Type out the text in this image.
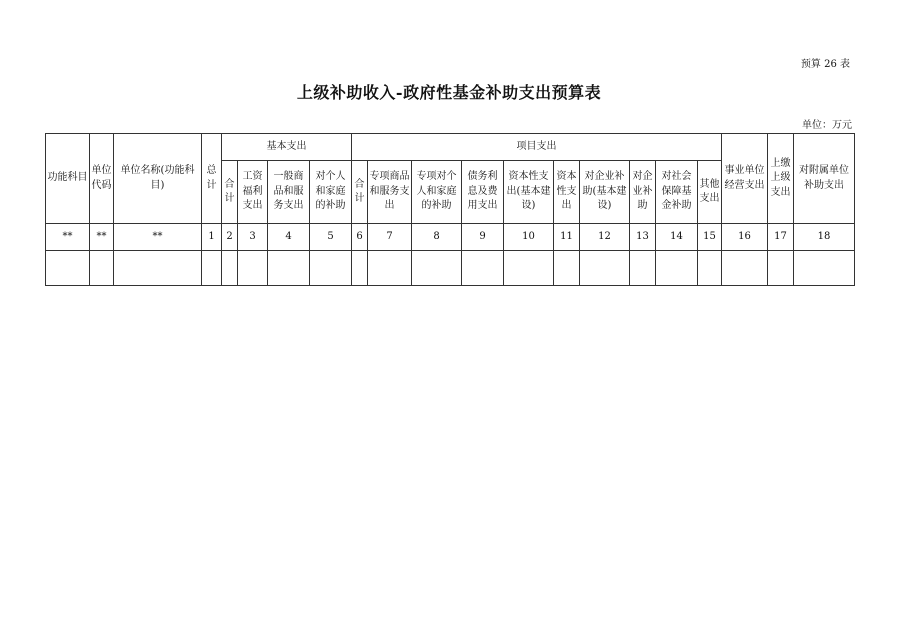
预算 26 表
上级补助收入-政府性基金补助支出预算表
单位：万元
功能科目	单位代码	单位名称(功能科目)	总计	基本支出				项目支出										事业单位经营支出	上缴上级支出	对附属单位补助支出
				合计	工资福利支出	一般商品和服务支出	对个人和家庭的补助	合计	专项商品和服务支出	专项对个人和家庭的补助	债务利息及费用支出	资本性支出(基本建设)	资本性支出	对企业补助(基本建设)	对企业补助	对社会保障基金补助	其他支出			
**	**	**	1	2	3	4	5	6	7	8	9	10	11	12	13	14	15	16	17	18
